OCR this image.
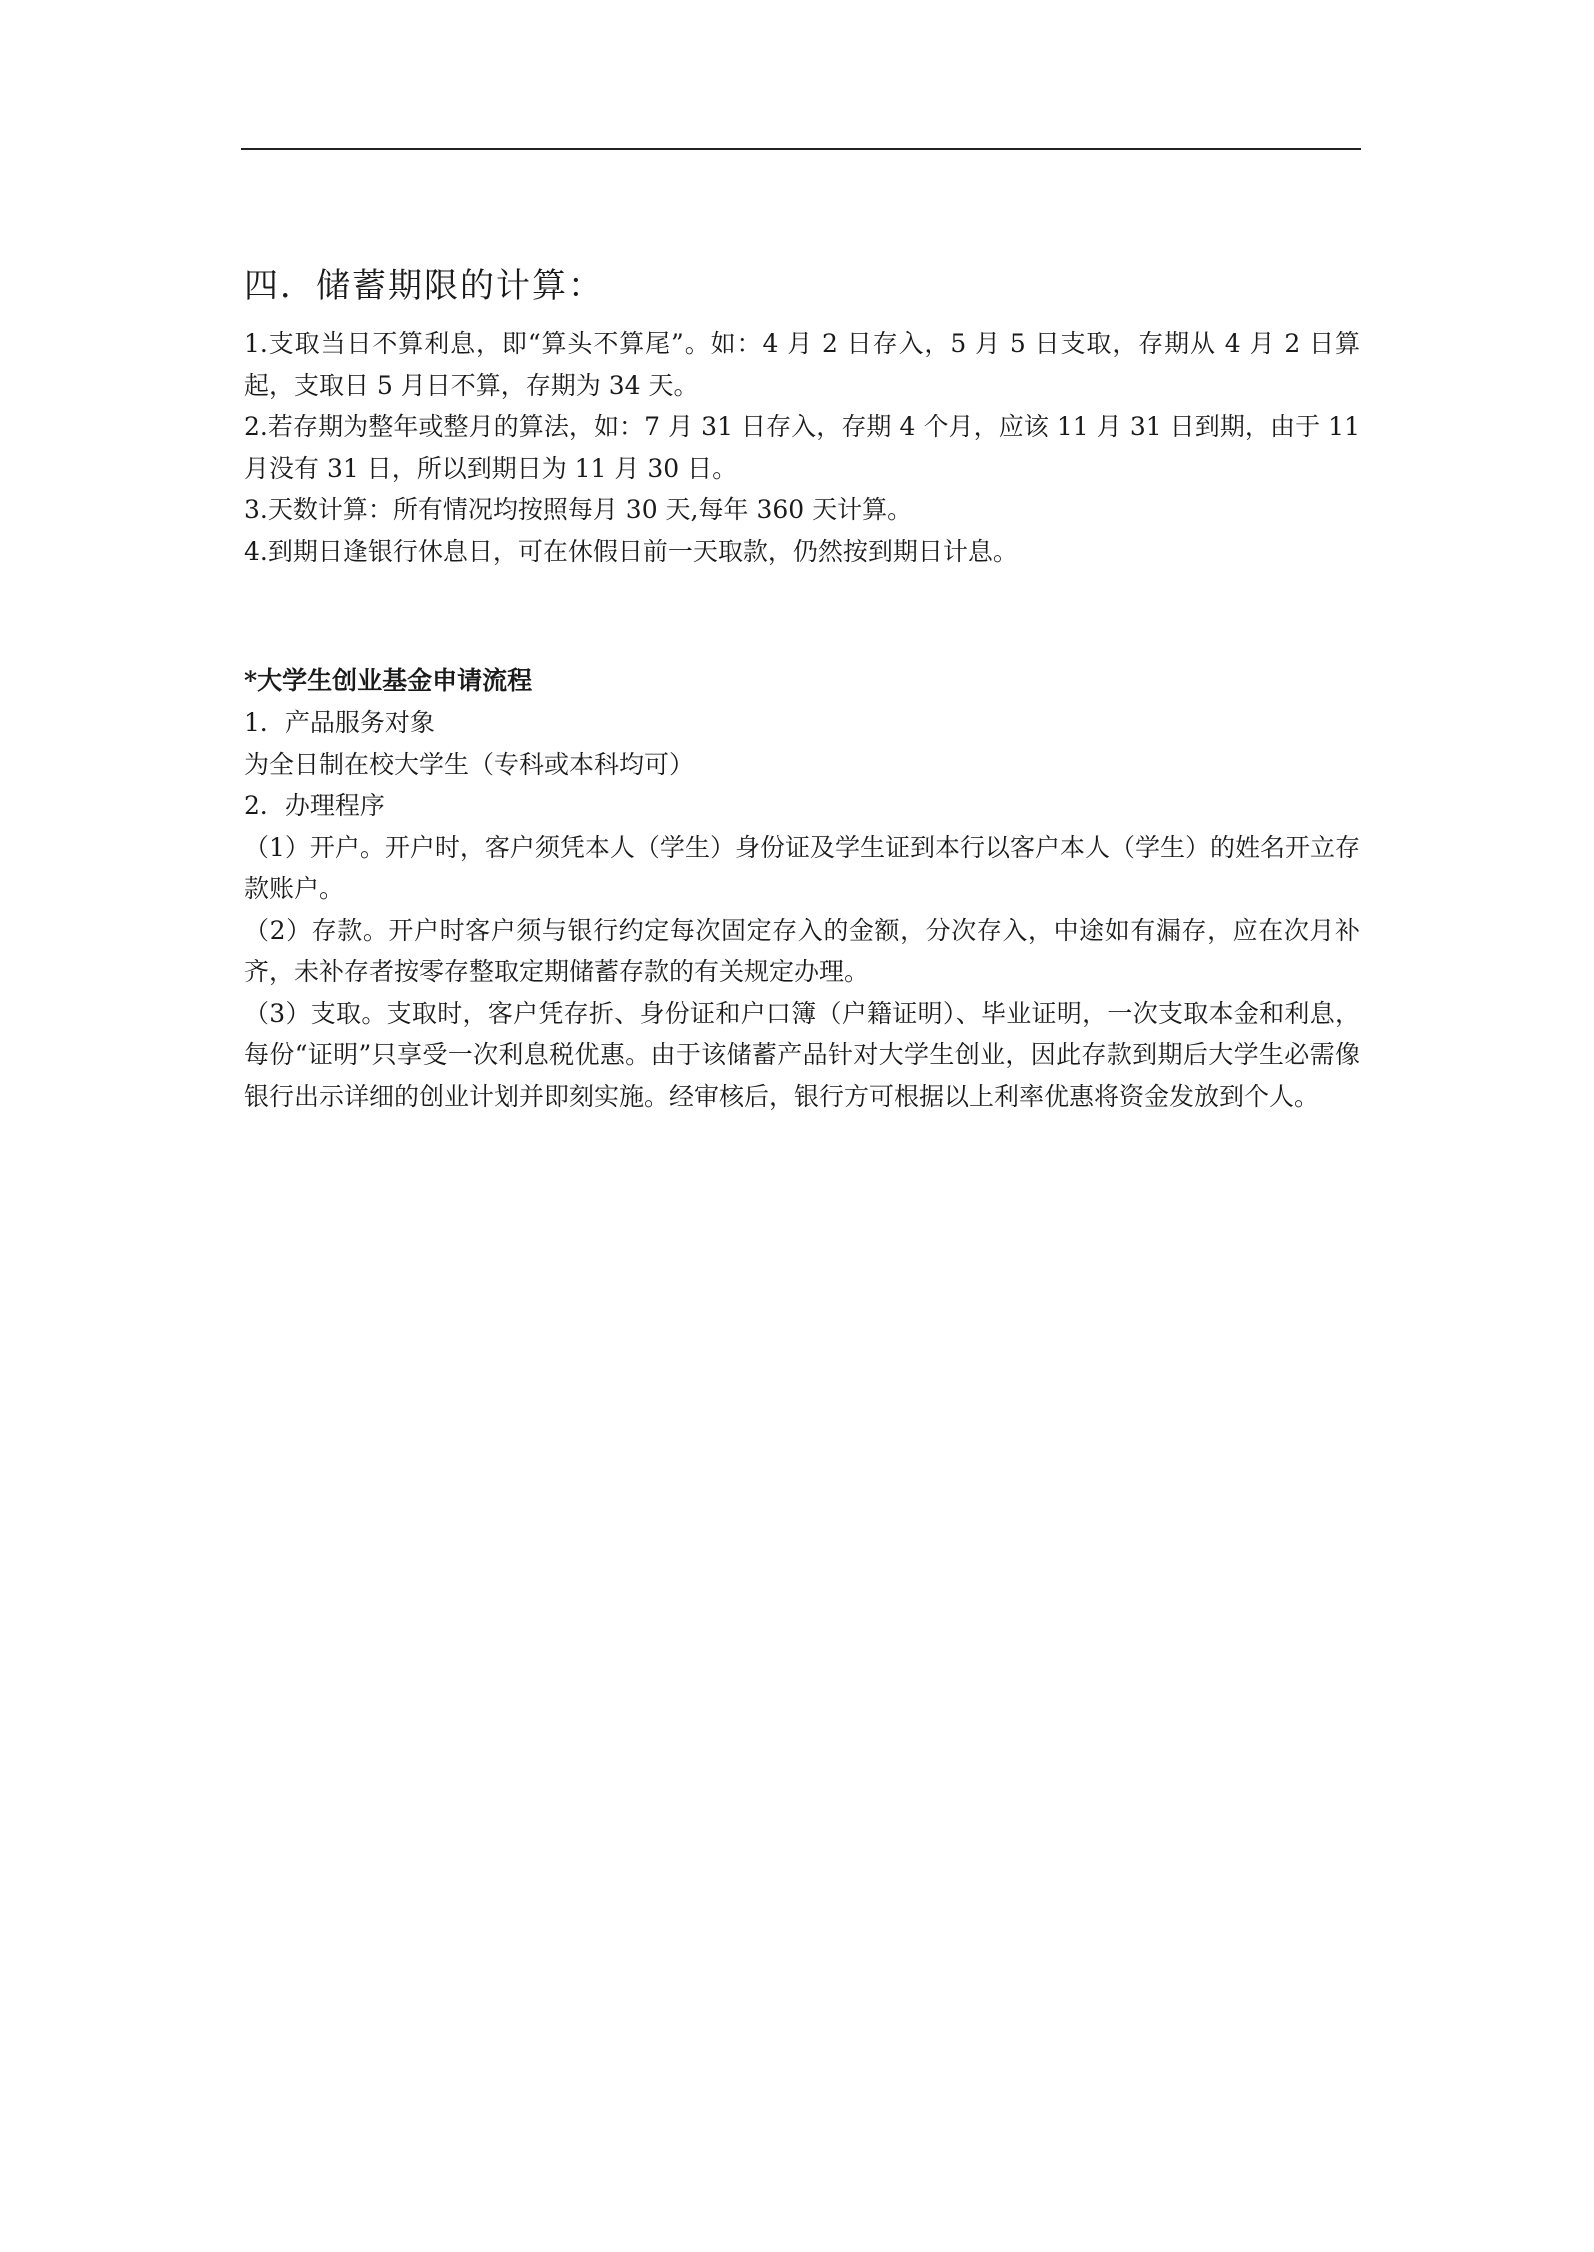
四．储蓄期限的计算：

1.支取当日不算利息，即“算头不算尾”。如：4 月 2 日存入，5 月 5 日支取，存期从 4 月 2 日算起，支取日 5 月日不算，存期为 34 天。

2.若存期为整年或整月的算法，如：7 月 31 日存入，存期 4 个月，应该 11 月 31 日到期，由于 11 月没有 31 日，所以到期日为 11 月 30 日。

3.天数计算：所有情况均按照每月 30 天,每年 360 天计算。

4.到期日逢银行休息日，可在休假日前一天取款，仍然按到期日计息。

*大学生创业基金申请流程

1．产品服务对象

为全日制在校大学生（专科或本科均可）

2．办理程序

（1）开户。开户时，客户须凭本人（学生）身份证及学生证到本行以客户本人（学生）的姓名开立存款账户。

（2）存款。开户时客户须与银行约定每次固定存入的金额，分次存入，中途如有漏存，应在次月补齐，未补存者按零存整取定期储蓄存款的有关规定办理。

（3）支取。支取时，客户凭存折、身份证和户口簿（户籍证明）、毕业证明，一次支取本金和利息，每份“证明”只享受一次利息税优惠。由于该储蓄产品针对大学生创业，因此存款到期后大学生必需像银行出示详细的创业计划并即刻实施。经审核后，银行方可根据以上利率优惠将资金发放到个人。
